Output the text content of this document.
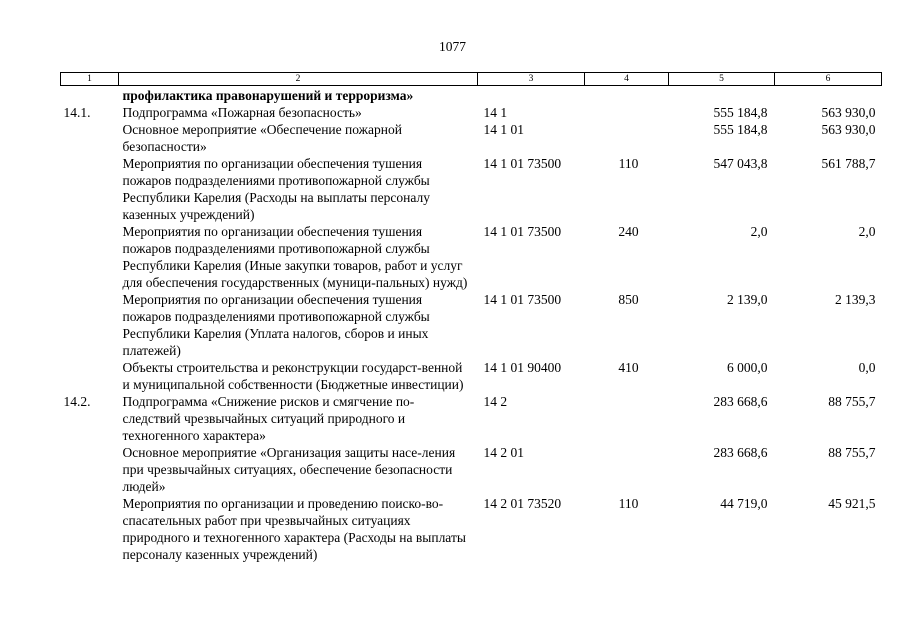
1077
1	2	3	4	5	6
	профилактика правонарушений и терроризма»				
14.1.	Подпрограмма «Пожарная безопасность»	14 1		555 184,8	563 930,0
	Основное мероприятие «Обеспечение пожарной безопасности»	14 1 01		555 184,8	563 930,0
	Мероприятия по организации обеспечения тушения пожаров подразделениями противопожарной службы Республики Карелия (Расходы на выплаты персоналу казенных учреждений)	14 1 01 73500	110	547 043,8	561 788,7
	Мероприятия по организации обеспечения тушения пожаров подразделениями противопожарной службы Республики Карелия (Иные закупки товаров, работ и услуг для обеспечения государственных (муници-пальных) нужд)	14 1 01 73500	240	2,0	2,0
	Мероприятия по организации обеспечения тушения пожаров подразделениями противопожарной службы Республики Карелия (Уплата налогов, сборов и иных платежей)	14 1 01 73500	850	2 139,0	2 139,3
	Объекты строительства и реконструкции государст-венной и муниципальной собственности (Бюджетные инвестиции)	14 1 01 90400	410	6 000,0	0,0
14.2.	Подпрограмма «Снижение рисков и смягчение по-следствий чрезвычайных ситуаций природного и техногенного характера»	14 2		283 668,6	88 755,7
	Основное мероприятие «Организация защиты насе-ления при чрезвычайных ситуациях, обеспечение безопасности людей»	14 2 01		283 668,6	88 755,7
	Мероприятия по организации и проведению поиско-во-спасательных работ при чрезвычайных ситуациях природного и техногенного характера (Расходы на выплаты персоналу казенных учреждений)	14 2 01 73520	110	44 719,0	45 921,5
